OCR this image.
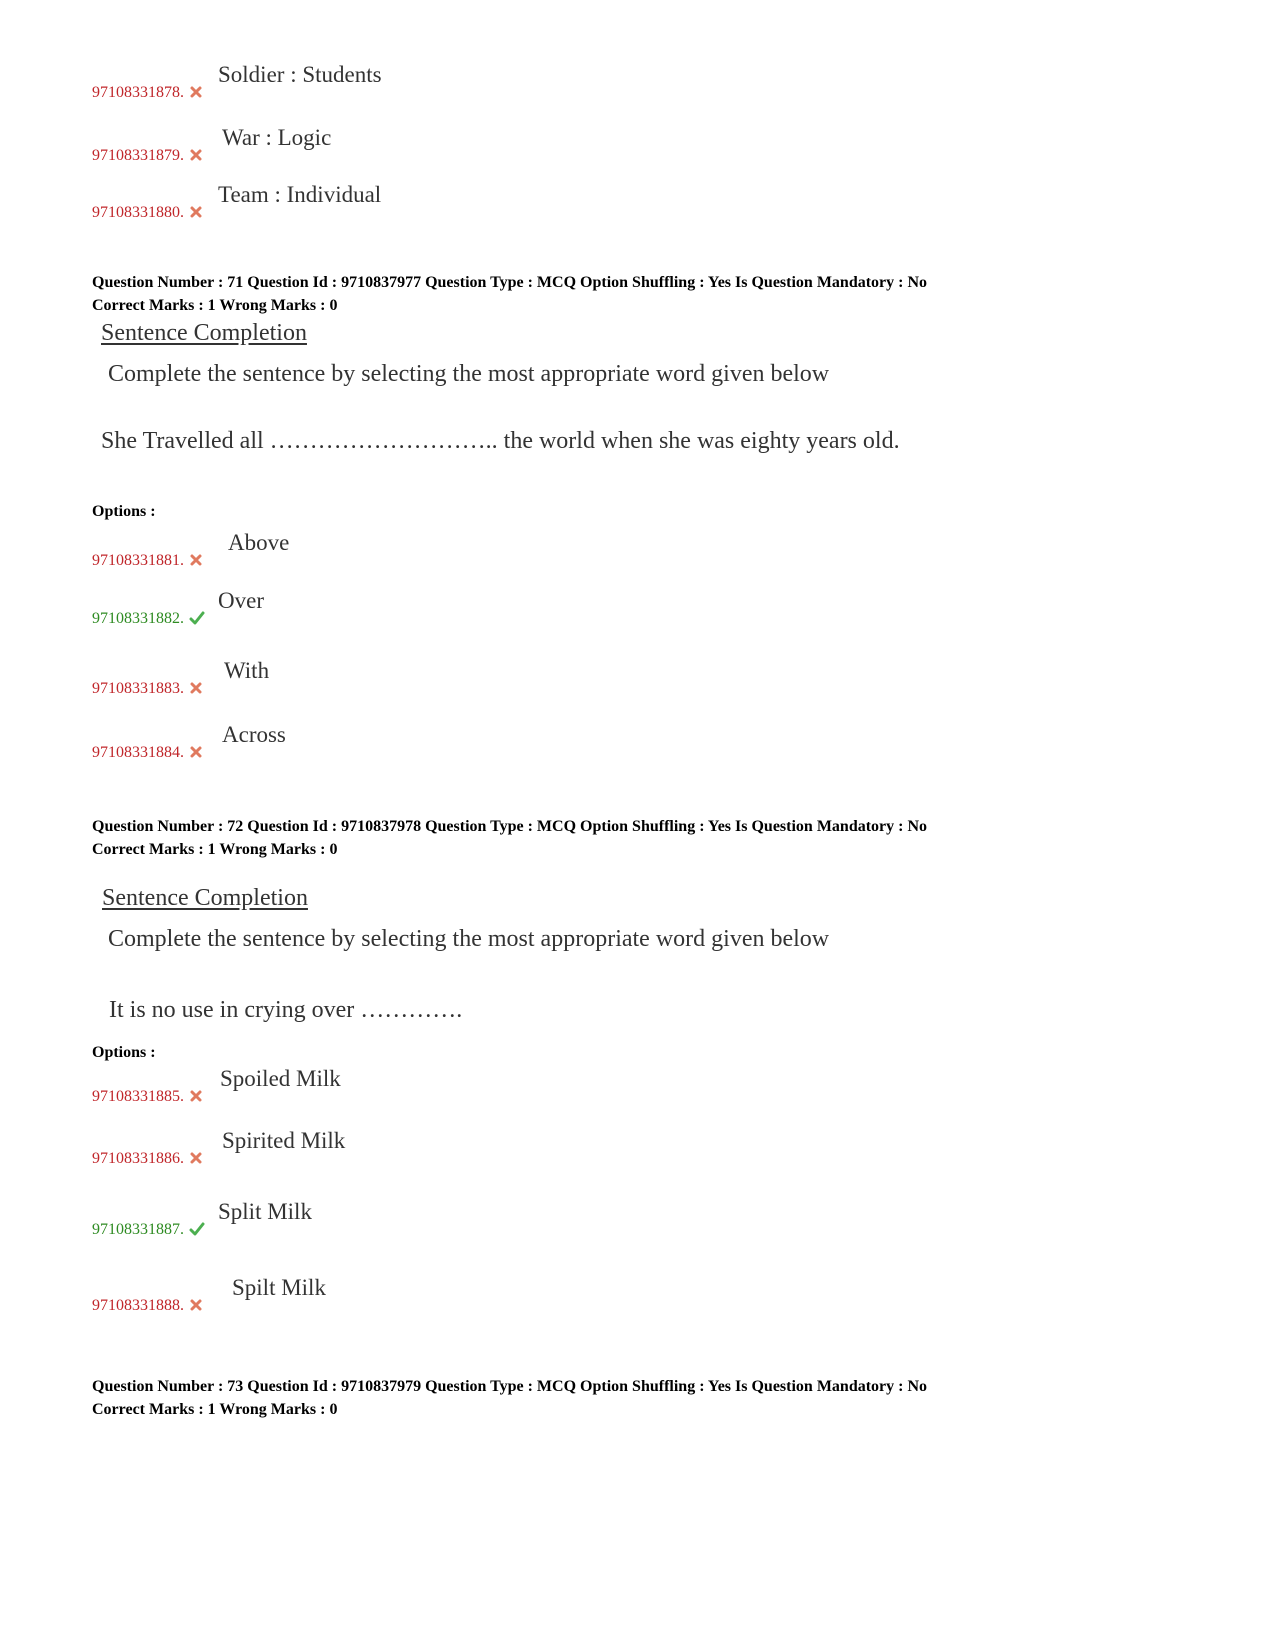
97108331878.
Soldier : Students
97108331879.
War : Logic
97108331880.
Team : Individual
Question Number : 71 Question Id : 9710837977 Question Type : MCQ Option Shuffling : Yes Is Question Mandatory : No
Correct Marks : 1 Wrong Marks : 0
Sentence Completion
Complete the sentence by selecting the most appropriate word given below
She Travelled all ……………………….. the world when she was eighty years old.
Options :
97108331881.
Above
97108331882.
Over
97108331883.
With
97108331884.
Across
Question Number : 72 Question Id : 9710837978 Question Type : MCQ Option Shuffling : Yes Is Question Mandatory : No
Correct Marks : 1 Wrong Marks : 0
Sentence Completion
Complete the sentence by selecting the most appropriate word given below
It is no use in crying over ………….
Options :
97108331885.
Spoiled Milk
97108331886.
Spirited Milk
97108331887.
Split Milk
97108331888.
Spilt Milk
Question Number : 73 Question Id : 9710837979 Question Type : MCQ Option Shuffling : Yes Is Question Mandatory : No
Correct Marks : 1 Wrong Marks : 0
